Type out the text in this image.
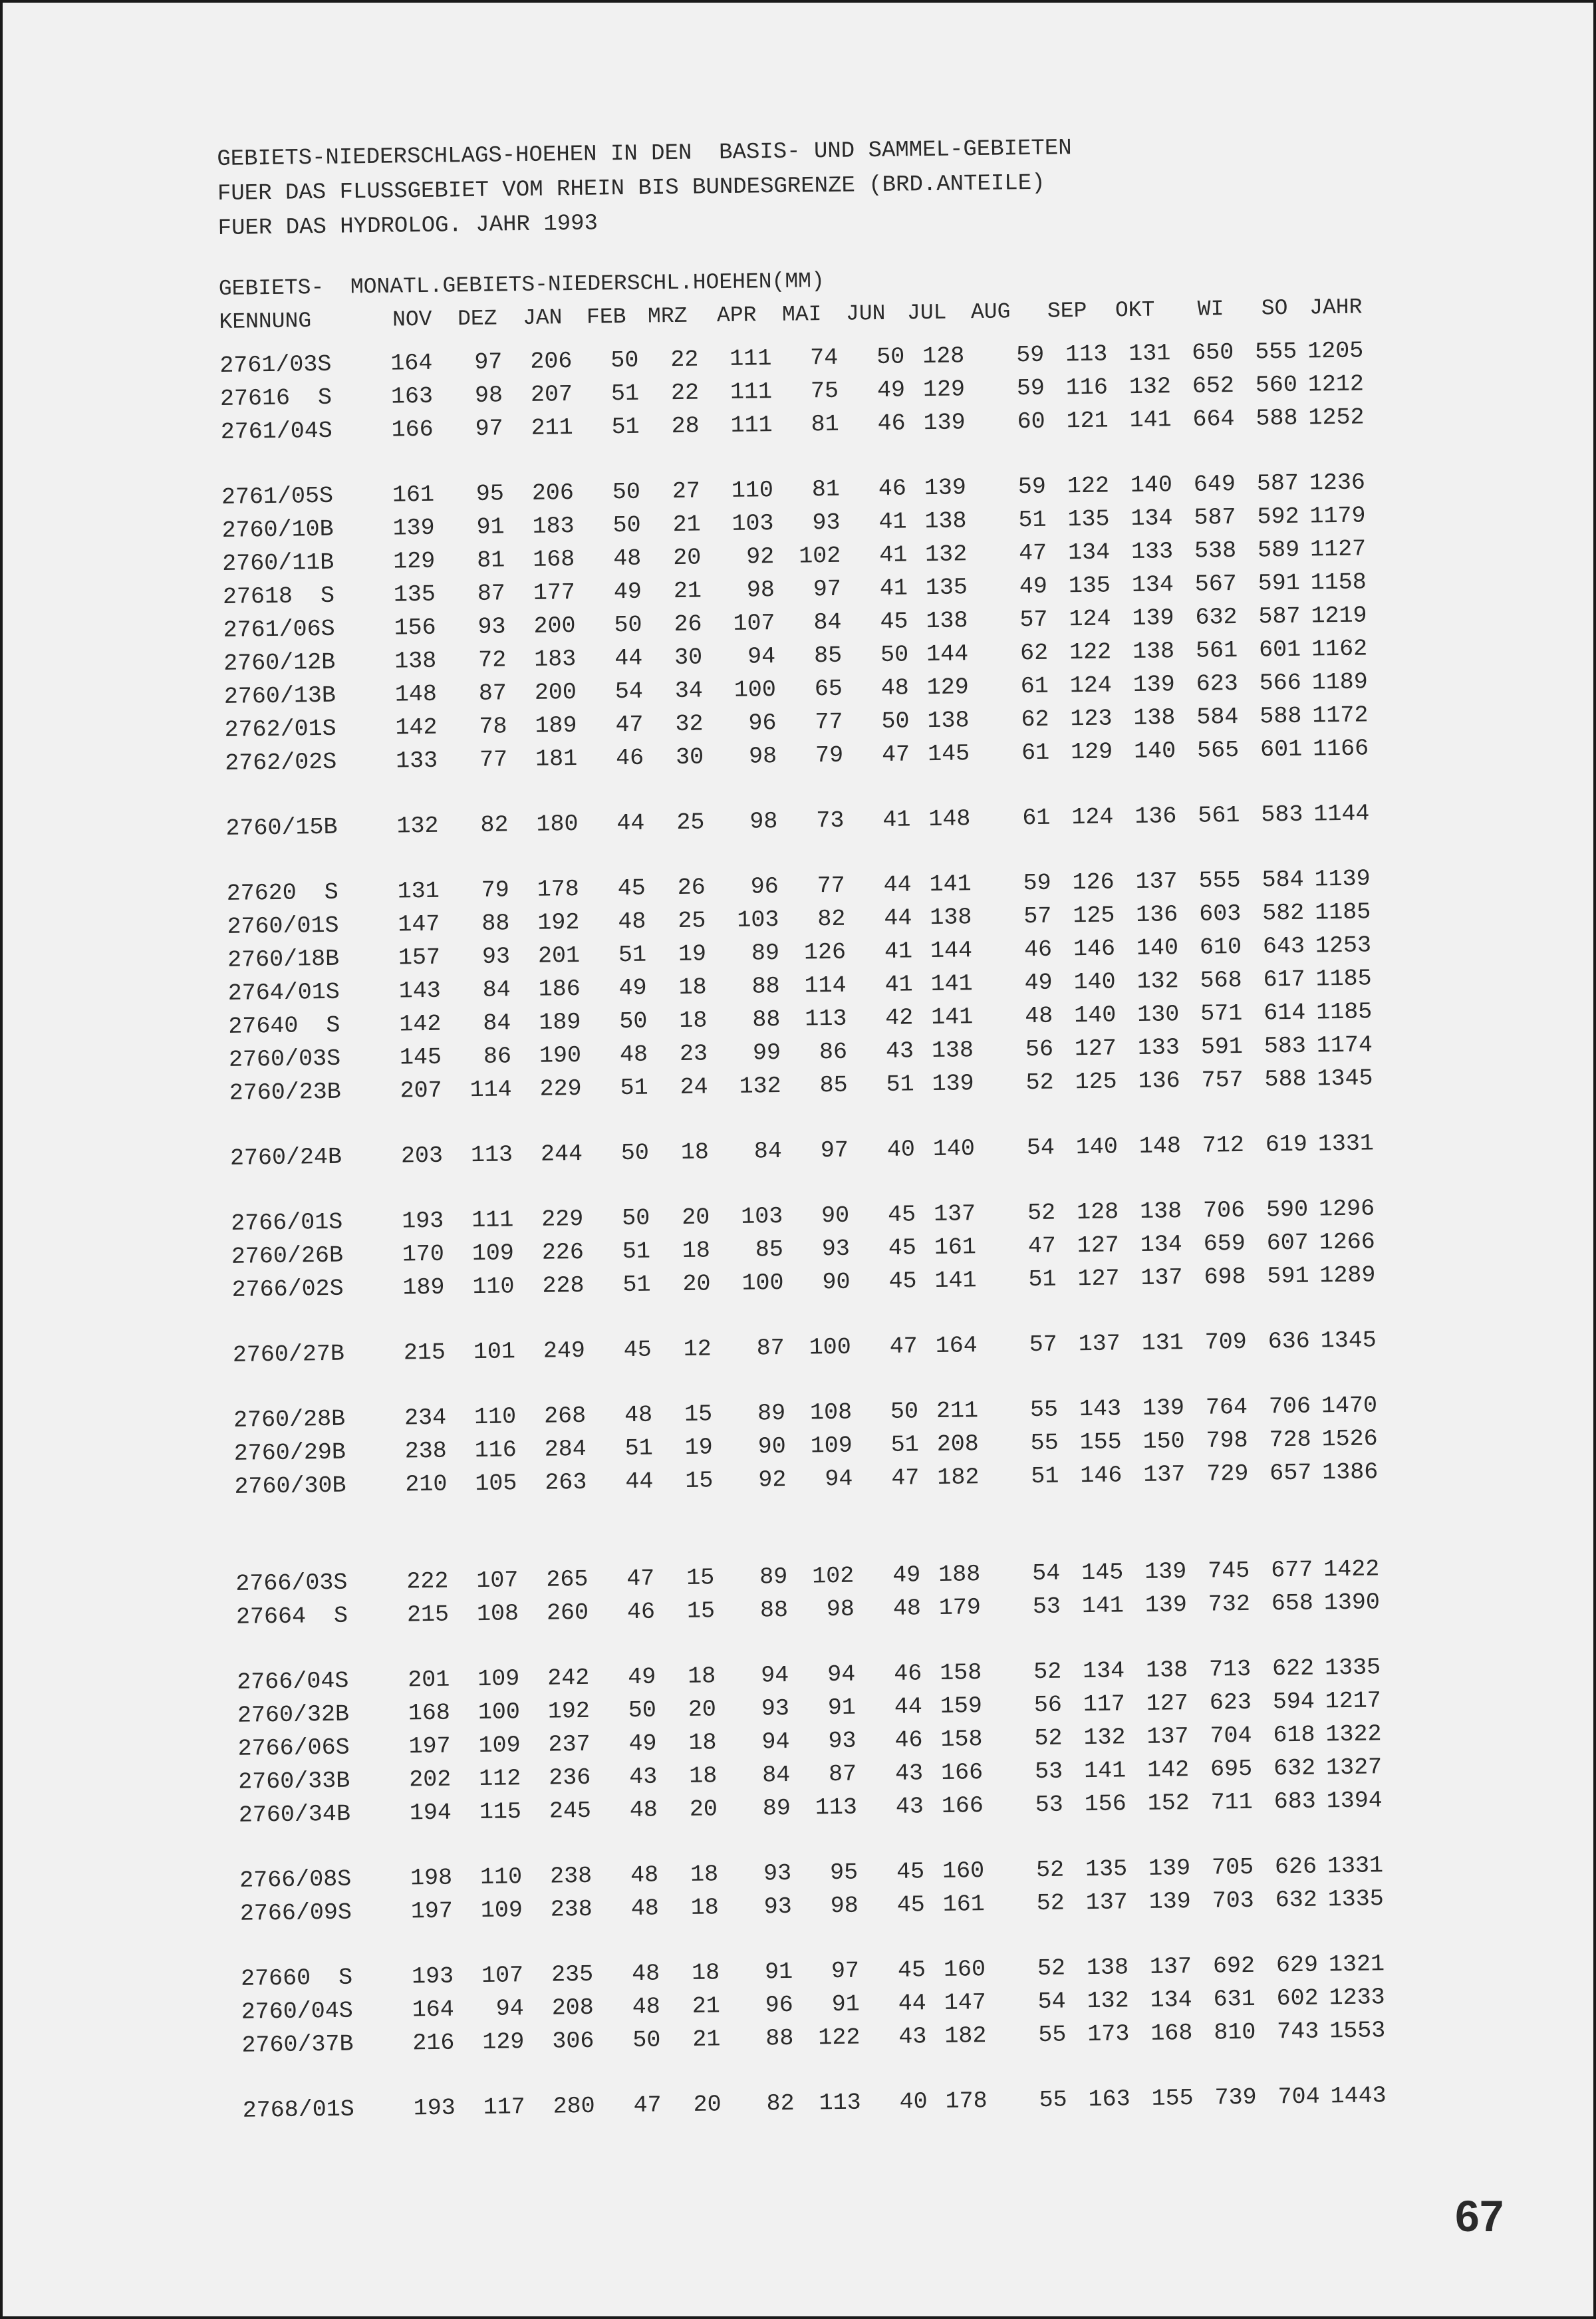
GEBIETS-NIEDERSCHLAGS-HOEHEN IN DEN  BASIS- UND SAMMEL-GEBIETEN
FUER DAS FLUSSGEBIET VOM RHEIN BIS BUNDESGRENZE (BRD.ANTEILE)
FUER DAS HYDROLOG. JAHR 1993
GEBIETS- MONATL.GEBIETS-NIEDERSCHL.HOEHEN(MM)
KENNUNG	NOV	DEZ	JAN	FEB MRZ	APR	MAI	JUN JUL	AUG	SEP	OKT	WI	SO JAHR
2761/03S	164	97	206	50	22	111	74	50 128	59 113 131 650 555 1205
27616  S	163	98	207	51	22	111	75	49 129	59 116 132 652 560 1212
2761/04S	166	97	211	51	28	111	81	46 139	60 121 141 664 588 1252
2761/05S	161	95	206	50	27	110	81	46 139	59 122 140 649 587 1236
2760/10B	139	91	183	50	21	103	93	41 138	51 135 134 587 592 1179
2760/11B	129	81	168	48	20	92	102	41 132	47 134 133 538 589 1127
27618  S	135	87	177	49	21	98	97	41 135	49 135 134 567 591 1158
2761/06S	156	93	200	50	26	107	84	45 138	57 124 139 632 587 1219
2760/12B	138	72	183	44	30	94	85	50 144	62 122 138 561 601 1162
2760/13B	148	87	200	54	34	100	65	48 129	61 124 139 623 566 1189
2762/01S	142	78	189	47	32	96	77	50 138	62 123 138 584 588 1172
2762/02S	133	77	181	46	30	98	79	47 145	61 129 140 565 601 1166
2760/15B	132	82	180	44	25	98	73	41 148	61 124 136 561 583 1144
27620  S	131	79	178	45	26	96	77	44 141	59 126 137 555 584 1139
2760/01S	147	88	192	48	25	103	82	44 138	57 125 136 603 582 1185
2760/18B	157	93	201	51	19	89	126	41 144	46 146 140 610 643 1253
2764/01S	143	84	186	49	18	88	114	41 141	49 140 132 568 617 1185
27640  S	142	84	189	50	18	88	113	42 141	48 140 130 571 614 1185
2760/03S	145	86	190	48	23	99	86	43 138	56 127 133 591 583 1174
2760/23B	207	114	229	51	24	132	85	51 139	52 125 136 757 588 1345
2760/24B	203	113	244	50	18	84	97	40 140	54 140 148 712 619 1331
2766/01S	193	111	229	50	20	103	90	45 137	52 128 138 706 590 1296
2760/26B	170	109	226	51	18	85	93	45 161	47 127 134 659 607 1266
2766/02S	189	110	228	51	20	100	90	45 141	51 127 137 698 591 1289
2760/27B	215	101	249	45	12	87	100	47 164	57 137 131 709 636 1345
2760/28B	234	110	268	48	15	89	108	50 211	55 143 139 764 706 1470
2760/29B	238	116	284	51	19	90	109	51 208	55 155 150 798 728 1526
2760/30B	210	105	263	44	15	92	94	47 182	51 146 137 729 657 1386
2766/03S	222	107	265	47	15	89	102	49 188	54 145 139 745 677 1422
27664  S	215	108	260	46	15	88	98	48 179	53 141 139 732 658 1390
2766/04S	201	109	242	49	18	94	94	46 158	52 134 138 713 622 1335
2760/32B	168	100	192	50	20	93	91	44 159	56 117 127 623 594 1217
2766/06S	197	109	237	49	18	94	93	46 158	52 132 137 704 618 1322
2760/33B	202	112	236	43	18	84	87	43 166	53 141 142 695 632 1327
2760/34B	194	115	245	48	20	89	113	43 166	53 156 152 711 683 1394
2766/08S	198	110	238	48	18	93	95	45 160	52 135 139 705 626 1331
2766/09S	197	109	238	48	18	93	98	45 161	52 137 139 703 632 1335
27660  S	193	107	235	48	18	91	97	45 160	52 138 137 692 629 1321
2760/04S	164	94	208	48	21	96	91	44 147	54 132 134 631 602 1233
2760/37B	216	129	306	50	21	88	122	43 182	55 173 168 810 743 1553
2768/01S	193	117	280	47	20	82	113	40 178	55 163 155 739 704 1443
67
